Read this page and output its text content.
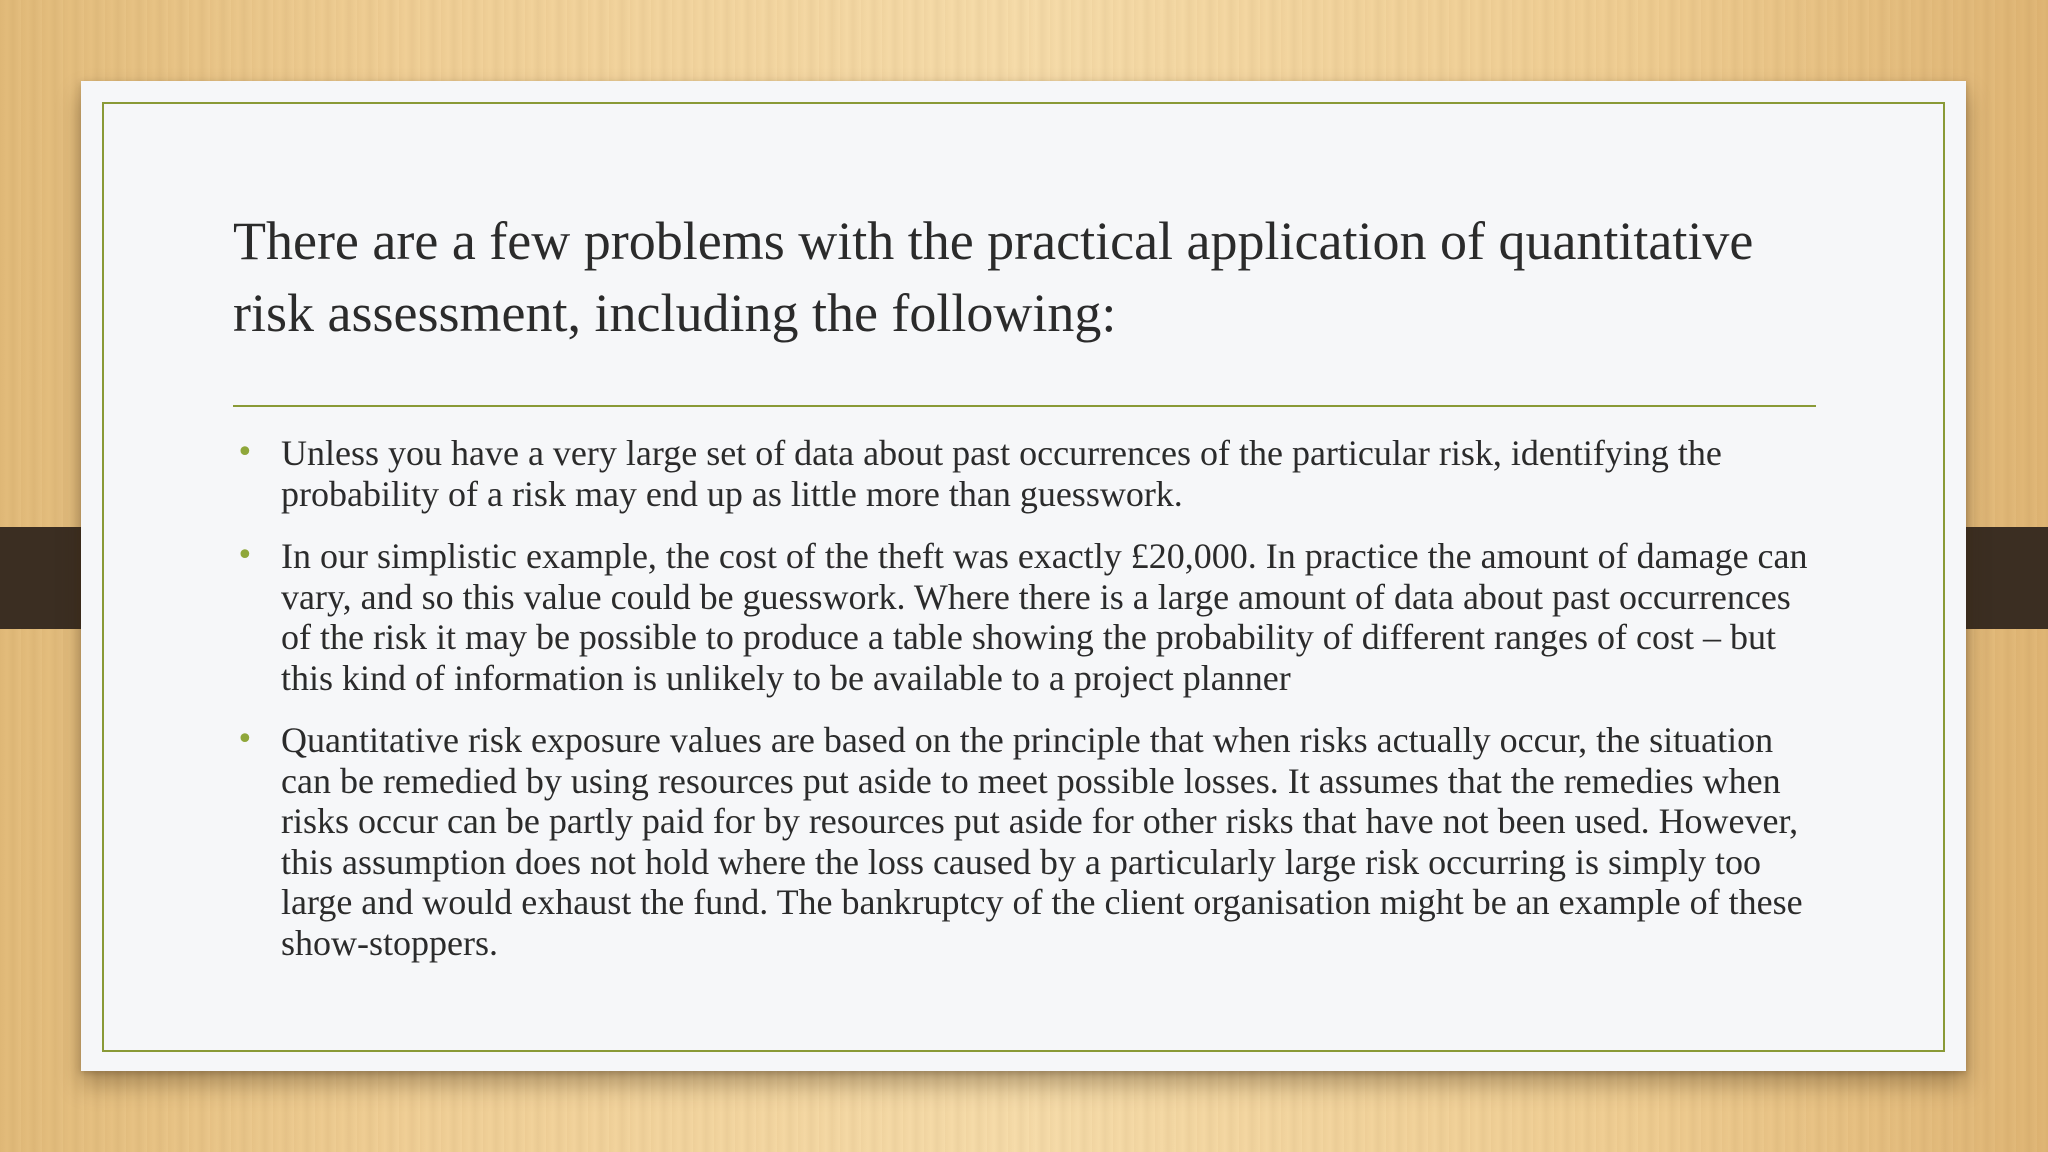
There are a few problems with the practical application of quantitative risk assessment, including the following:
• Unless you have a very large set of data about past occurrences of the particular risk, identifying the probability of a risk may end up as little more than guesswork.
• In our simplistic example, the cost of the theft was exactly £20,000. In practice the amount of damage can vary, and so this value could be guesswork. Where there is a large amount of data about past occurrences of the risk it may be possible to produce a table showing the probability of different ranges of cost – but this kind of information is unlikely to be available to a project planner
• Quantitative risk exposure values are based on the principle that when risks actually occur, the situation can be remedied by using resources put aside to meet possible losses. It assumes that the remedies when risks occur can be partly paid for by resources put aside for other risks that have not been used. However, this assumption does not hold where the loss caused by a particularly large risk occurring is simply too large and would exhaust the fund. The bankruptcy of the client organisation might be an example of these show-stoppers.
